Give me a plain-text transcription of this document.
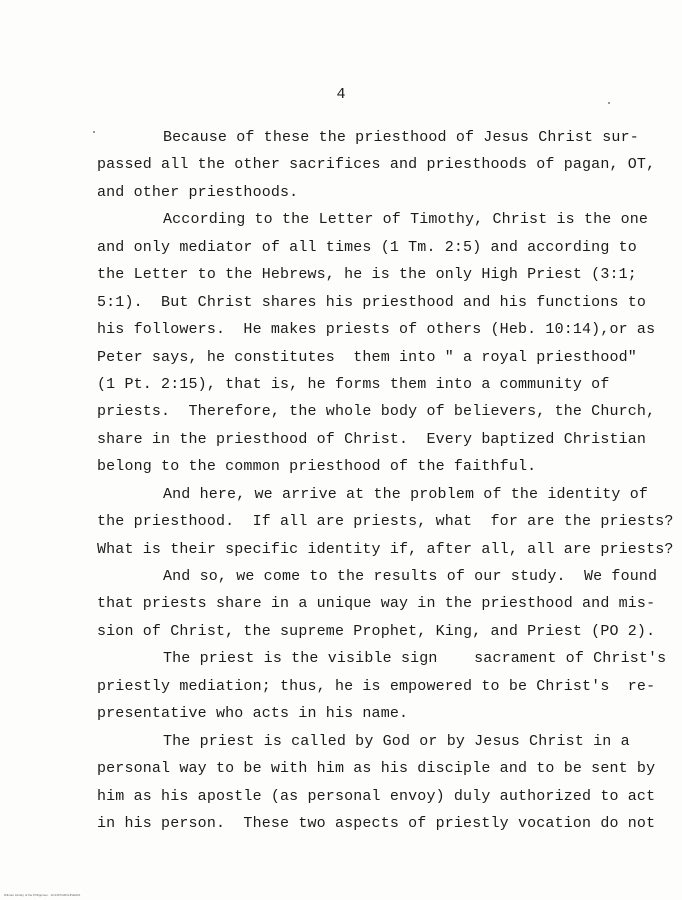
4
Because of these the priesthood of Jesus Christ sur-
passed all the other sacrifices and priesthoods of pagan, OT,
and other priesthoods.
According to the Letter of Timothy, Christ is the one
and only mediator of all times (1 Tm. 2:5) and according to
the Letter to the Hebrews, he is the only High Priest (3:1;
5:1).  But Christ shares his priesthood and his functions to
his followers.  He makes priests of others (Heb. 10:14),or as
Peter says, he constitutes  them into " a royal priesthood"
(1 Pt. 2:15), that is, he forms them into a community of
priests.  Therefore, the whole body of believers, the Church,
share in the priesthood of Christ.  Every baptized Christian
belong to the common priesthood of the faithful.
And here, we arrive at the problem of the identity of
the priesthood.  If all are priests, what  for are the priests?
What is their specific identity if, after all, all are priests?
And so, we come to the results of our study.  We found
that priests share in a unique way in the priesthood and mis-
sion of Christ, the supreme Prophet, King, and Priest (PO 2).
The priest is the visible sign    sacrament of Christ's
priestly mediation; thus, he is empowered to be Christ's  re-
presentative who acts in his name.
The priest is called by God or by Jesus Christ in a
personal way to be with him as his disciple and to be sent by
him as his apostle (as personal envoy) duly authorized to act
in his person.  These two aspects of priestly vocation do not
Diliman Library of the Philippines · 10.2307/ARCHIVE001
